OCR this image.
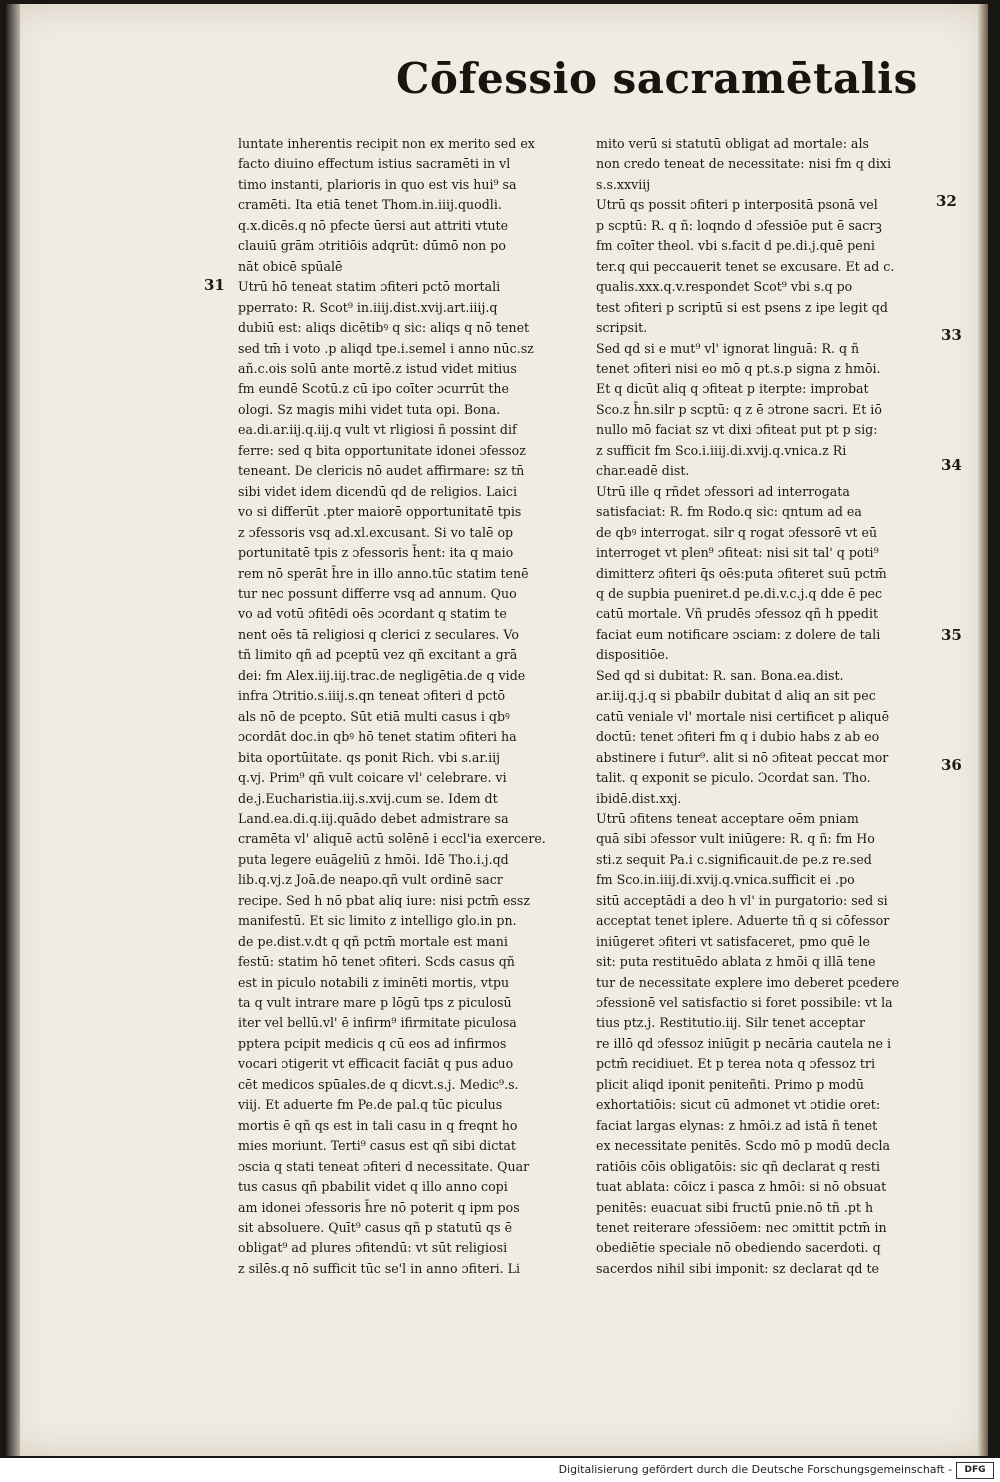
Cōfessio sacramētalis
31
32
33
34
35
36
luntate inherentis recipit non ex merito sed ex
facto diuino effectum istius sacramēti in vl
timo instanti, plarioris in quo est vis hui⁹ sa
cramēti. Ita etiā tenet Thom.in.iiij.quodli.
q.x.dicēs.q nō pfecte ūersi aut attriti vtute
clauiū grām ɔtritiōis adqrūt: dūmō non po
nāt obicē spūalē
Utrū hō teneat statim ɔfiteri pctō mortali
pperrato: R. Scot⁹ in.iiij.dist.xvij.art.iiij.q
dubiū est: aliqs dicētibꝰ q sic: aliqs q nō tenet
sed tm̄ i voto .p aliqd tpe.i.semel i anno nūc.sz
añ.c.ois solū ante mortē.z istud videt mitius
fm eundē Scotū.z cū ipo coīter ɔcurrūt the
ologi. Sz magis mihi videt tuta opi. Bona.
ea.di.ar.iij.q.iij.q vult vt rligiosi ñ possint dif
ferre: sed q bita opportunitate idonei ɔfessoz
teneant. De clericis nō audet affirmare: sz tn̄
sibi videt idem dicendū qd de religios. Laici
vo si differūt .pter maiorē opportunitatē tpis
z ɔfessoris vsq ad.xl.excusant. Si vo talē op
portunitatē tpis z ɔfessoris h̄ent: ita q maio
rem nō sperāt h̄re in illo anno.tūc statim tenē
tur nec possunt differre vsq ad annum. Quo
vo ad votū ɔfitēdi oēs ɔcordant q statim te
nent oēs tā religiosi q clerici z seculares. Vo
tñ limito qñ ad pceptū vez qñ excitant a grā
dei: fm Alex.iij.iij.trac.de negligētia.de q vide
infra Ɔtritio.s.iiij.s.qn teneat ɔfiteri d pctō
als nō de pcepto. Sūt etiā multi casus i qbꝰ
ɔcordāt doc.in qbꝰ hō tenet statim ɔfiteri ha
bita oportūitate. qs ponit Rich. vbi s.ar.iij
q.vj. Prim⁹ qñ vult coicare vl' celebrare. vi
de.j.Eucharistia.iij.s.xvij.cum se. Idem dt
Land.ea.di.q.iij.quādo debet admistrare sa
cramēta vl' aliquē actū solēnē i eccl'ia exercere.
puta legere euāgeliū z hmōi. Idē Tho.i.j.qd
lib.q.vj.z Joā.de neapo.qñ vult ordinē sacr
recipe. Sed h nō pbat aliq iure: nisi pctm̄ essz
manifestū. Et sic limito z intelligo glo.in pn.
de pe.dist.v.dt q qñ pctm̄ mortale est mani
festū: statim hō tenet ɔfiteri. Scds casus qñ
est in piculo notabili z iminēti mortis, vtpu
ta q vult intrare mare p lōgū tps z piculosū
iter vel bellū.vl' ē infirm⁹ ifirmitate piculosa
pptera pcipit medicis q cū eos ad infirmos
vocari ɔtigerit vt efficacit faciāt q pus aduo
cēt medicos spūales.de q dicvt.s.j. Medic⁹.s.
viij. Et aduerte fm Pe.de pal.q tūc piculus
mortis ē qñ qs est in tali casu in q freqnt ho
mies moriunt. Terti⁹ casus est qñ sibi dictat
ɔscia q stati teneat ɔfiteri d necessitate. Quar
tus casus qñ pbabilit videt q illo anno copi
am idonei ɔfessoris h̄re nō poterit q ipm pos
sit absoluere. Quīt⁹ casus qñ p statutū qs ē
obligat⁹ ad plures ɔfitendū: vt sūt religiosi
z silēs.q nō sufficit tūc se'l in anno ɔfiteri. Li
mito verū si statutū obligat ad mortale: als
non credo teneat de necessitate: nisi fm q dixi
s.s.xxviij
Utrū qs possit ɔfiteri p interpositā psonā vel
p scptū: R. q ñ: loqndo d ɔfessiōe put ē sacrꝫ
fm coīter theol. vbi s.facit d pe.di.j.quē peni
ter.q qui peccauerit tenet se excusare. Et ad c.
qualis.xxx.q.v.respondet Scot⁹ vbi s.q po
test ɔfiteri p scriptū si est psens z ipe legit qd
scripsit.
Sed qd si e mut⁹ vl' ignorat linguā: R. q ñ
tenet ɔfiteri nisi eo mō q pt.s.p signa z hmōi.
Et q dicūt aliq q ɔfiteat p iterpte: improbat
Sco.z h̄n.silr p scptū: q z ē ɔtrone sacri. Et iō
nullo mō faciat sz vt dixi ɔfiteat put pt p sig:
z sufficit fm Sco.i.iiij.di.xvij.q.vnica.z Ri
char.eadē dist.
Utrū ille q rñdet ɔfessori ad interrogata
satisfaciat: R. fm Rodo.q sic: qntum ad ea
de qbꝰ interrogat. silr q rogat ɔfessorē vt eū
interroget vt plen⁹ ɔfiteat: nisi sit tal' q poti⁹
dimitterz ɔfiteri q̄s oēs:puta ɔfiteret suū pctm̄
q de supbia pueniret.d pe.di.v.c.j.q dde ē pec
catū mortale. Vñ prudēs ɔfessoz qñ h ppedit
faciat eum notificare ɔsciam: z dolere de tali
dispositiōe.
Sed qd si dubitat: R. san. Bona.ea.dist.
ar.iij.q.j.q si pbabilr dubitat d aliq an sit pec
catū veniale vl' mortale nisi certificet p aliquē
doctū: tenet ɔfiteri fm q i dubio habs z ab eo
abstinere i futur⁹. alit si nō ɔfiteat peccat mor
talit. q exponit se piculo. Ɔcordat san. Tho.
ibidē.dist.xxj.
Utrū ɔfitens teneat acceptare oēm pniam
quā sibi ɔfessor vult iniūgere: R. q ñ: fm Ho
sti.z sequit Pa.i c.significauit.de pe.z re.sed
fm Sco.in.iiij.di.xvij.q.vnica.sufficit ei .po
sitū acceptādi a deo h vl' in purgatorio: sed si
acceptat tenet iplere. Aduerte tñ q si cōfessor
iniūgeret ɔfiteri vt satisfaceret, pmo quē le
sit: puta restituēdo ablata z hmōi q illā tene
tur de necessitate explere imo deberet pcedere
ɔfessionē vel satisfactio si foret possibile: vt la
tius ptz.j. Restitutio.iij. Silr tenet acceptar
re illō qd ɔfessoz iniūgit p necāria cautela ne i
pctm̄ recidiuet. Et p terea nota q ɔfessoz tri
plicit aliqd iponit peniteñti. Primo p modū
exhortatiōis: sicut cū admonet vt ɔtidie oret:
faciat largas elynas: z hmōi.z ad istā ñ tenet
ex necessitate penitēs. Scdo mō p modū decla
ratiōis cōis obligatōis: sic qñ declarat q resti
tuat ablata: cōicz i pasca z hmōi: si nō obsuat
penitēs: euacuat sibi fructū pnie.nō tñ .pt h
tenet reiterare ɔfessiōem: nec ɔmittit pctm̄ in
obediētie speciale nō obediendo sacerdoti. q
sacerdos nihil sibi imponit: sz declarat qd te
Digitalisierung gefördert durch die Deutsche Forschungsgemeinschaft -	DFG
